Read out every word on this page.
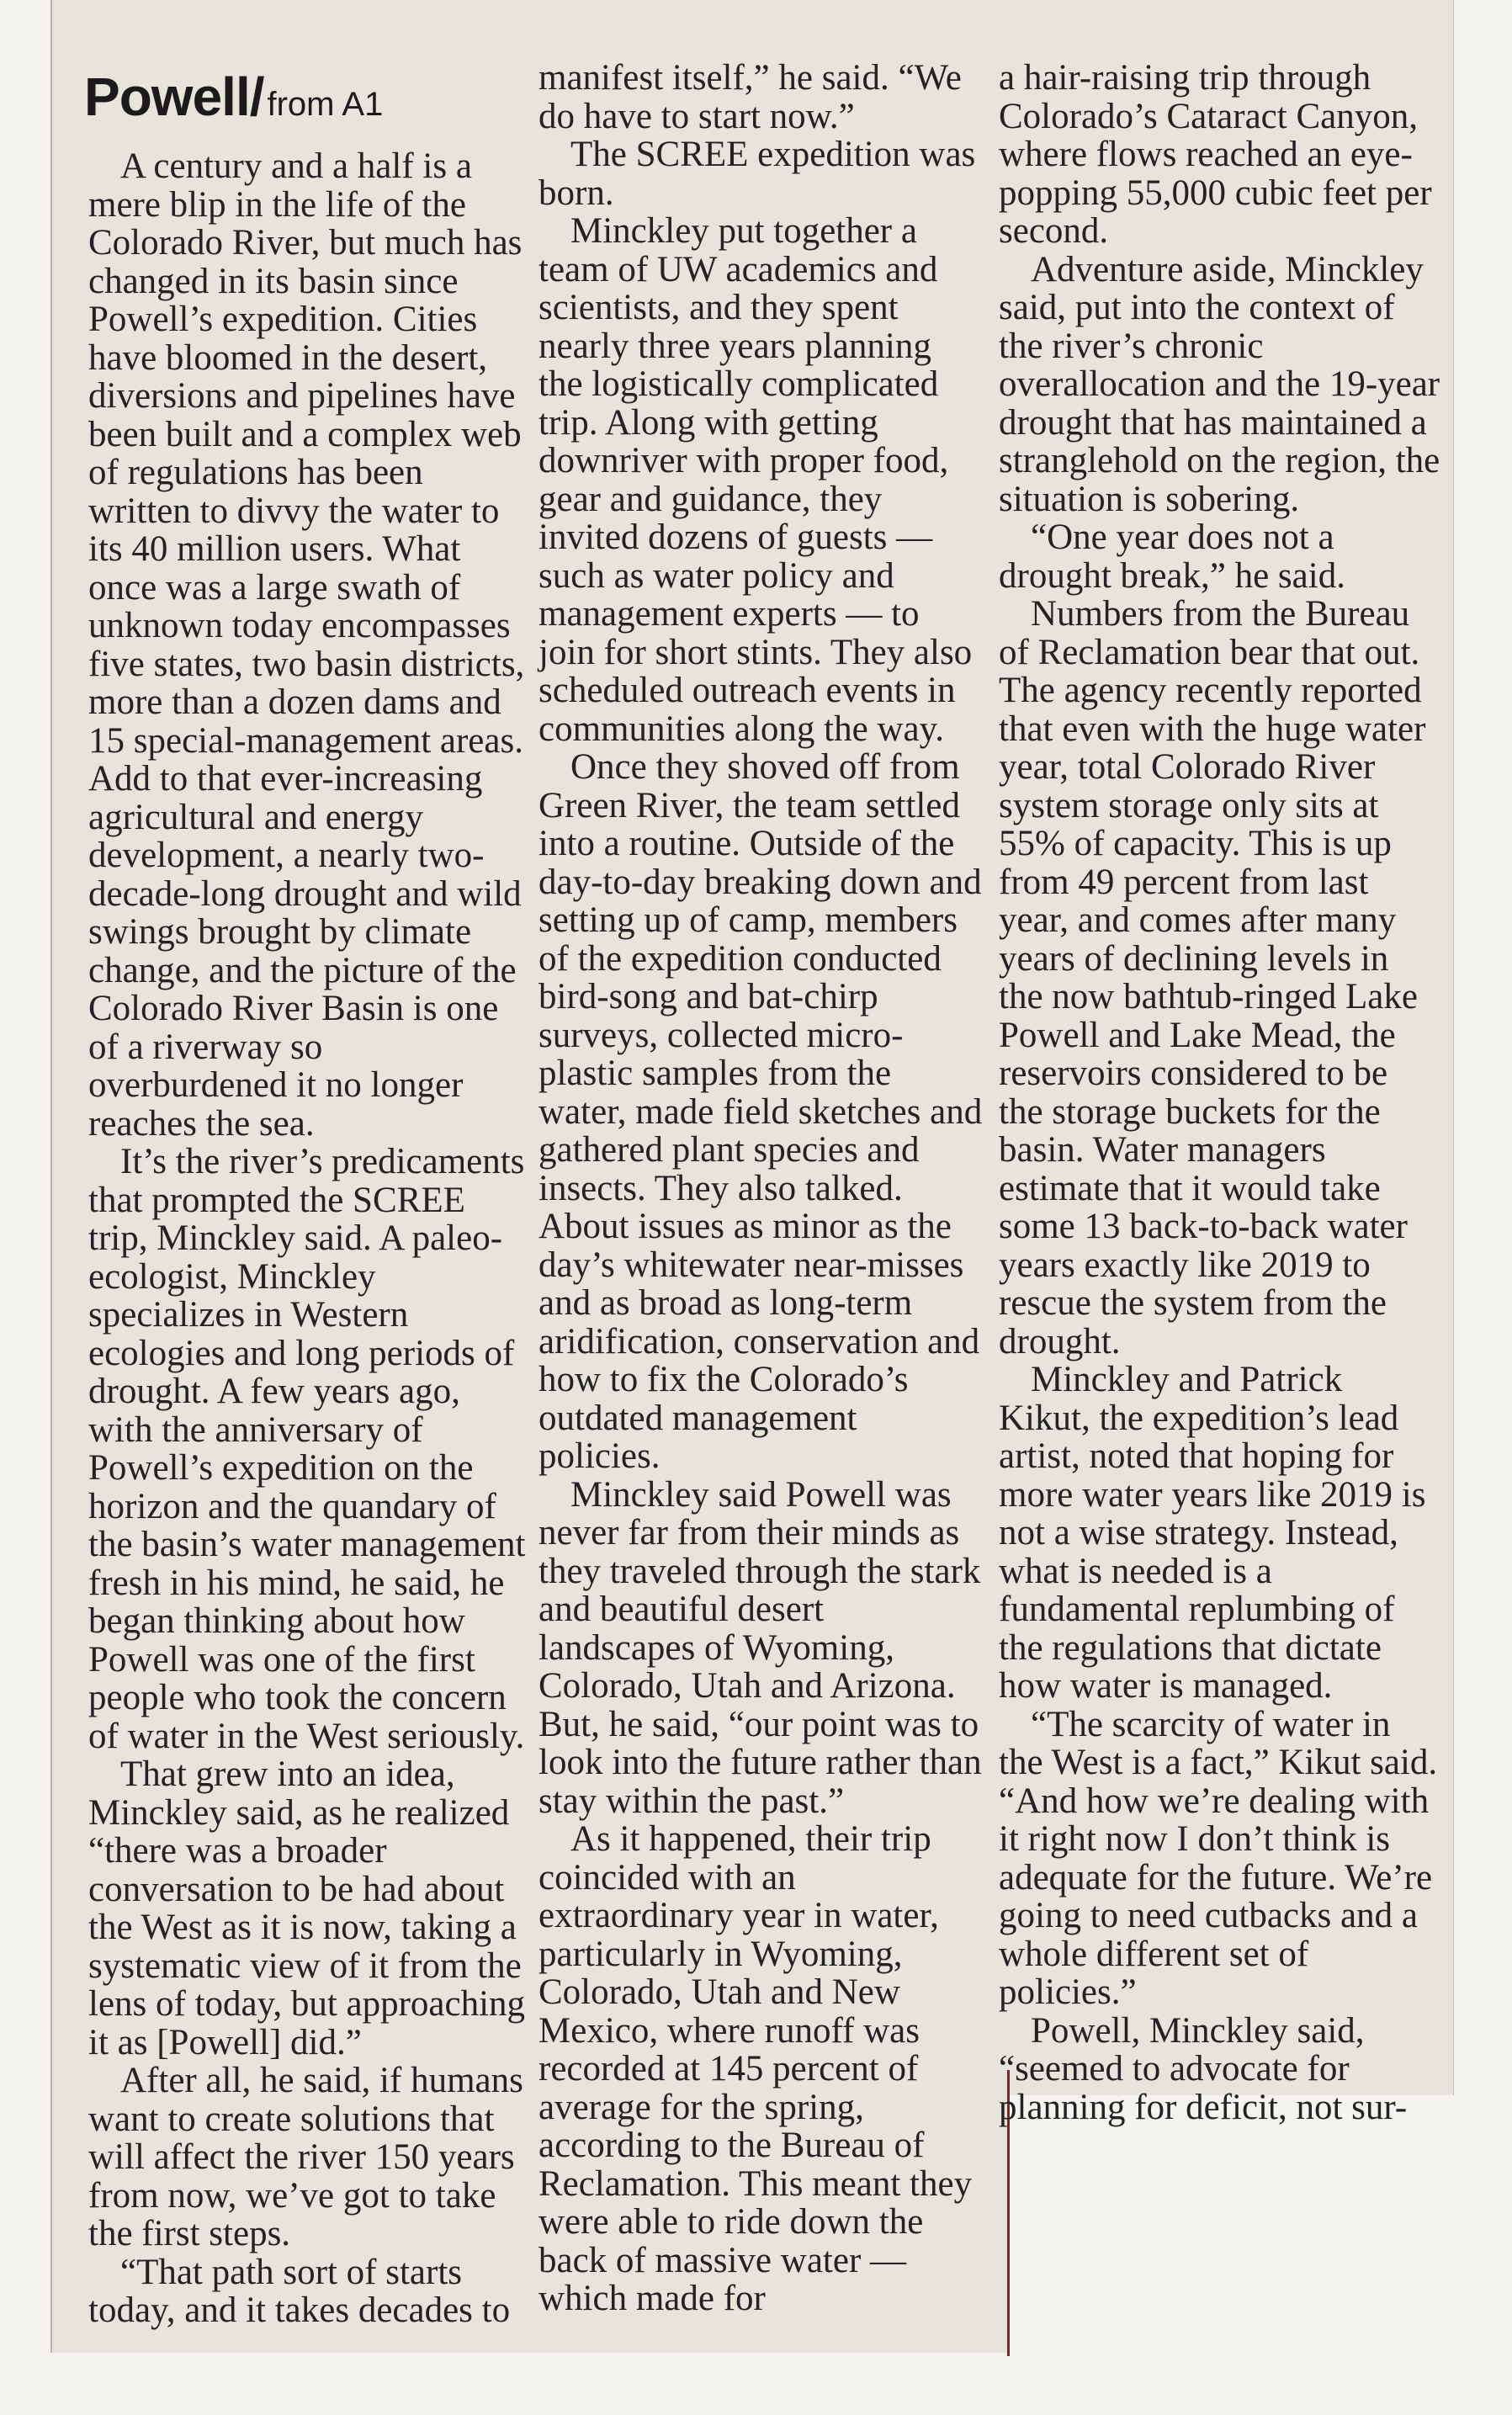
Powell/ from A1

A century and a half is a mere blip in the life of the Colorado River, but much has changed in its basin since Powell’s expedition. Cities have bloomed in the desert, diversions and pipelines have been built and a complex web of regulations has been written to divvy the water to its 40 million users. What once was a large swath of unknown today encompasses five states, two basin districts, more than a dozen dams and 15 special-management areas. Add to that ever-increasing agricultural and energy development, a nearly two-decade-long drought and wild swings brought by climate change, and the picture of the Colorado River Basin is one of a riverway so overburdened it no longer reaches the sea.

It’s the river’s predicaments that prompted the SCREE trip, Minckley said. A paleo-ecologist, Minckley specializes in Western ecologies and long periods of drought. A few years ago, with the anniversary of Powell’s expedition on the horizon and the quandary of the basin’s water management fresh in his mind, he said, he began thinking about how Powell was one of the first people who took the concern of water in the West seriously.

That grew into an idea, Minckley said, as he realized “there was a broader conversation to be had about the West as it is now, taking a systematic view of it from the lens of today, but approaching it as [Powell] did.”

After all, he said, if humans want to create solutions that will affect the river 150 years from now, we’ve got to take the first steps.

“That path sort of starts today, and it takes decades to

manifest itself,” he said. “We do have to start now.”

The SCREE expedition was born.

Minckley put together a team of UW academics and scientists, and they spent nearly three years planning the logistically complicated trip. Along with getting downriver with proper food, gear and guidance, they invited dozens of guests — such as water policy and management experts — to join for short stints. They also scheduled outreach events in communities along the way.

Once they shoved off from Green River, the team settled into a routine. Outside of the day-to-day breaking down and setting up of camp, members of the expedition conducted bird-song and bat-chirp surveys, collected micro-plastic samples from the water, made field sketches and gathered plant species and insects. They also talked. About issues as minor as the day’s whitewater near-misses and as broad as long-term aridification, conservation and how to fix the Colorado’s outdated management policies.

Minckley said Powell was never far from their minds as they traveled through the stark and beautiful desert landscapes of Wyoming, Colorado, Utah and Arizona. But, he said, “our point was to look into the future rather than stay within the past.”

As it happened, their trip coincided with an extraordinary year in water, particularly in Wyoming, Colorado, Utah and New Mexico, where runoff was recorded at 145 percent of average for the spring, according to the Bureau of Reclamation. This meant they were able to ride down the back of massive water — which made for

a hair-raising trip through Colorado’s Cataract Canyon, where flows reached an eye-popping 55,000 cubic feet per second.

Adventure aside, Minckley said, put into the context of the river’s chronic overallocation and the 19-year drought that has maintained a stranglehold on the region, the situation is sobering.

“One year does not a drought break,” he said.

Numbers from the Bureau of Reclamation bear that out. The agency recently reported that even with the huge water year, total Colorado River system storage only sits at 55% of capacity. This is up from 49 percent from last year, and comes after many years of declining levels in the now bathtub-ringed Lake Powell and Lake Mead, the reservoirs considered to be the storage buckets for the basin. Water managers estimate that it would take some 13 back-to-back water years exactly like 2019 to rescue the system from the drought.

Minckley and Patrick Kikut, the expedition’s lead artist, noted that hoping for more water years like 2019 is not a wise strategy. Instead, what is needed is a fundamental replumbing of the regulations that dictate how water is managed.

“The scarcity of water in the West is a fact,” Kikut said. “And how we’re dealing with it right now I don’t think is adequate for the future. We’re going to need cutbacks and a whole different set of policies.”

Powell, Minckley said, “seemed to advocate for planning for deficit, not sur-
